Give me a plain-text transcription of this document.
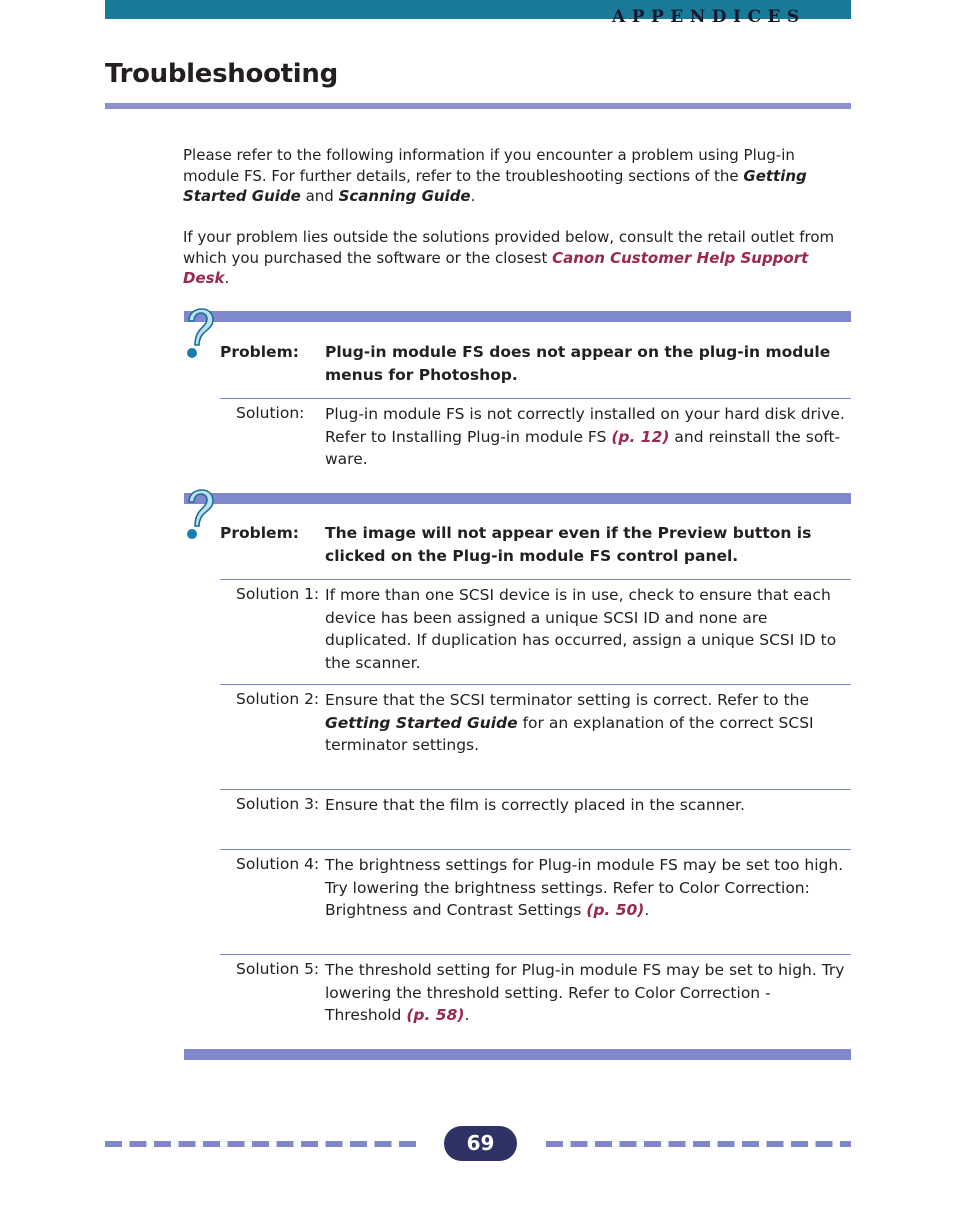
APPENDICES
Troubleshooting

Please refer to the following information if you encounter a problem using Plug-in module FS. For further details, refer to the troubleshooting sections of the Getting Started Guide and Scanning Guide.

If your problem lies outside the solutions provided below, consult the retail outlet from which you purchased the software or the closest Canon Customer Help Support Desk.

Problem: Plug-in module FS does not appear on the plug-in module menus for Photoshop.
Solution: Plug-in module FS is not correctly installed on your hard disk drive. Refer to Installing Plug-in module FS (p. 12) and reinstall the soft-ware.
Problem: The image will not appear even if the Preview button is clicked on the Plug-in module FS control panel.
Solution 1: If more than one SCSI device is in use, check to ensure that each device has been assigned a unique SCSI ID and none are duplicated. If duplication has occurred, assign a unique SCSI ID to the scanner.
Solution 2: Ensure that the SCSI terminator setting is correct. Refer to the Getting Started Guide for an explanation of the correct SCSI terminator settings.
Solution 3: Ensure that the film is correctly placed in the scanner.
Solution 4: The brightness settings for Plug-in module FS may be set too high. Try lowering the brightness settings. Refer to Color Correction: Brightness and Contrast Settings (p. 50).
Solution 5: The threshold setting for Plug-in module FS may be set to high. Try lowering the threshold setting. Refer to Color Correction - Threshold (p. 58).
69
